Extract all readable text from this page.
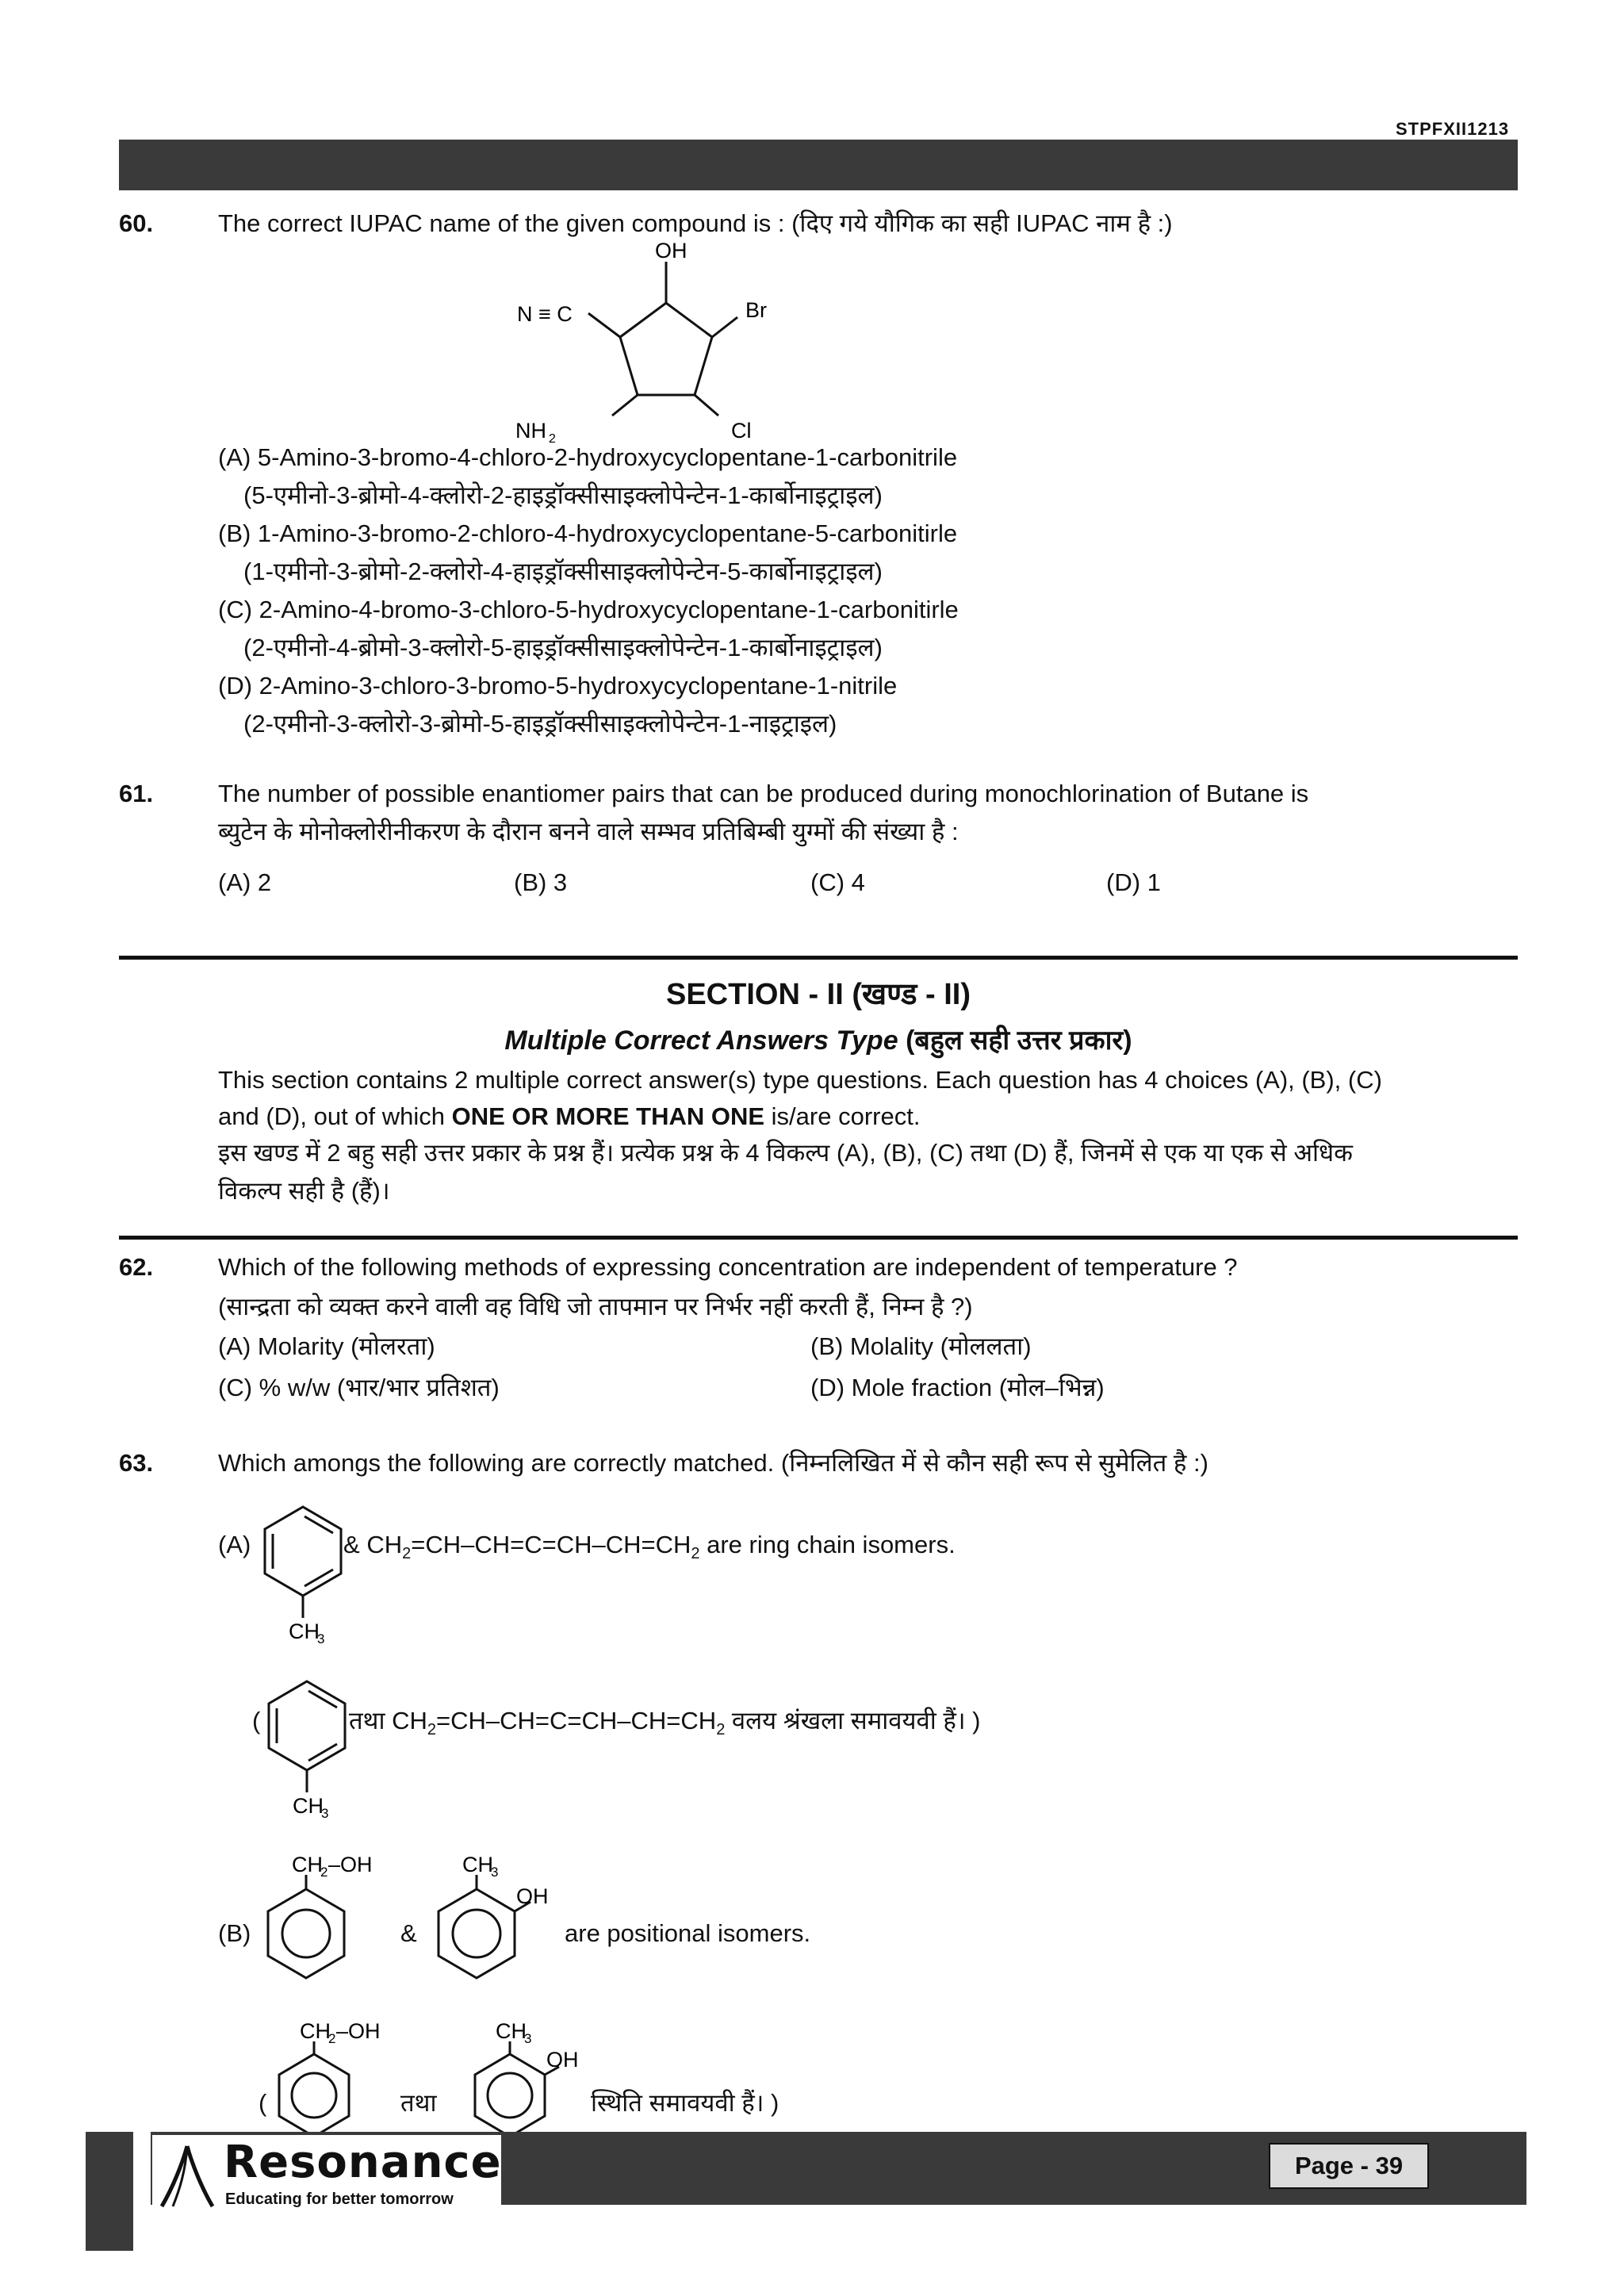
STPFXII1213
60.	The correct IUPAC name of the given compound is : (दिए गये यौगिक का सही IUPAC नाम है :)
OH
N ≡ C	Br
NH 2	Cl
(A) 5-Amino-3-bromo-4-chloro-2-hydroxycyclopentane-1-carbonitrile
(5-एमीनो-3-ब्रोमो-4-क्लोरो-2-हाइड्रॉक्सीसाइक्लोपेन्टेन-1-कार्बोनाइट्राइल)
(B) 1-Amino-3-bromo-2-chloro-4-hydroxycyclopentane-5-carbonitirle
(1-एमीनो-3-ब्रोमो-2-क्लोरो-4-हाइड्रॉक्सीसाइक्लोपेन्टेन-5-कार्बोनाइट्राइल)
(C) 2-Amino-4-bromo-3-chloro-5-hydroxycyclopentane-1-carbonitirle
(2-एमीनो-4-ब्रोमो-3-क्लोरो-5-हाइड्रॉक्सीसाइक्लोपेन्टेन-1-कार्बोनाइट्राइल)
(D) 2-Amino-3-chloro-3-bromo-5-hydroxycyclopentane-1-nitrile
(2-एमीनो-3-क्लोरो-3-ब्रोमो-5-हाइड्रॉक्सीसाइक्लोपेन्टेन-1-नाइट्राइल)
61.	The number of possible enantiomer pairs that can be produced during monochlorination of Butane is
ब्युटेन के मोनोक्लोरीनीकरण के दौरान बनने वाले सम्भव प्रतिबिम्बी युग्मों की संख्या है :
(A) 2	(B) 3	(C) 4	(D) 1
SECTION - II (खण्ड - II)
Multiple Correct Answers Type (बहुल सही उत्तर प्रकार)
This section contains 2 multiple correct answer(s) type questions. Each question has 4 choices (A), (B), (C)
and (D), out of which ONE OR MORE THAN ONE is/are correct.
इस खण्ड में 2 बहु सही उत्तर प्रकार के प्रश्न हैं। प्रत्येक प्रश्न के 4 विकल्प (A), (B), (C) तथा (D) हैं, जिनमें से एक या एक से अधिक
विकल्प सही है (हैं)।
62.	Which of the following methods of expressing concentration are independent of temperature ?
(सान्द्रता को व्यक्त करने वाली वह विधि जो तापमान पर निर्भर नहीं करती हैं, निम्न है ?)
(A) Molarity (मोलरता)	(B) Molality (मोललता)
(C) % w/w (भार/भार प्रतिशत)	(D) Mole fraction (मोल–भिन्न)
63.	Which amongs the following are correctly matched. (निम्नलिखित में से कौन सही रूप से सुमेलित है :)
(A)
CH
3
& $CH_2=CH-CH=C=CH-CH=CH_2$ are ring chain isomers.
(
CH
3
तथा $CH_2=CH-CH=C=CH-CH=CH_2$ वलय श्रंखला समावयवी हैं। )
(B)
CH
2 –OH
&
CH
3
OH
are positional isomers.
(
CH
2 –OH
तथा
CH
3
OH
स्थिति समावयवी हैं। )
Resonance
Educating for better tomorrow
Page - 39
